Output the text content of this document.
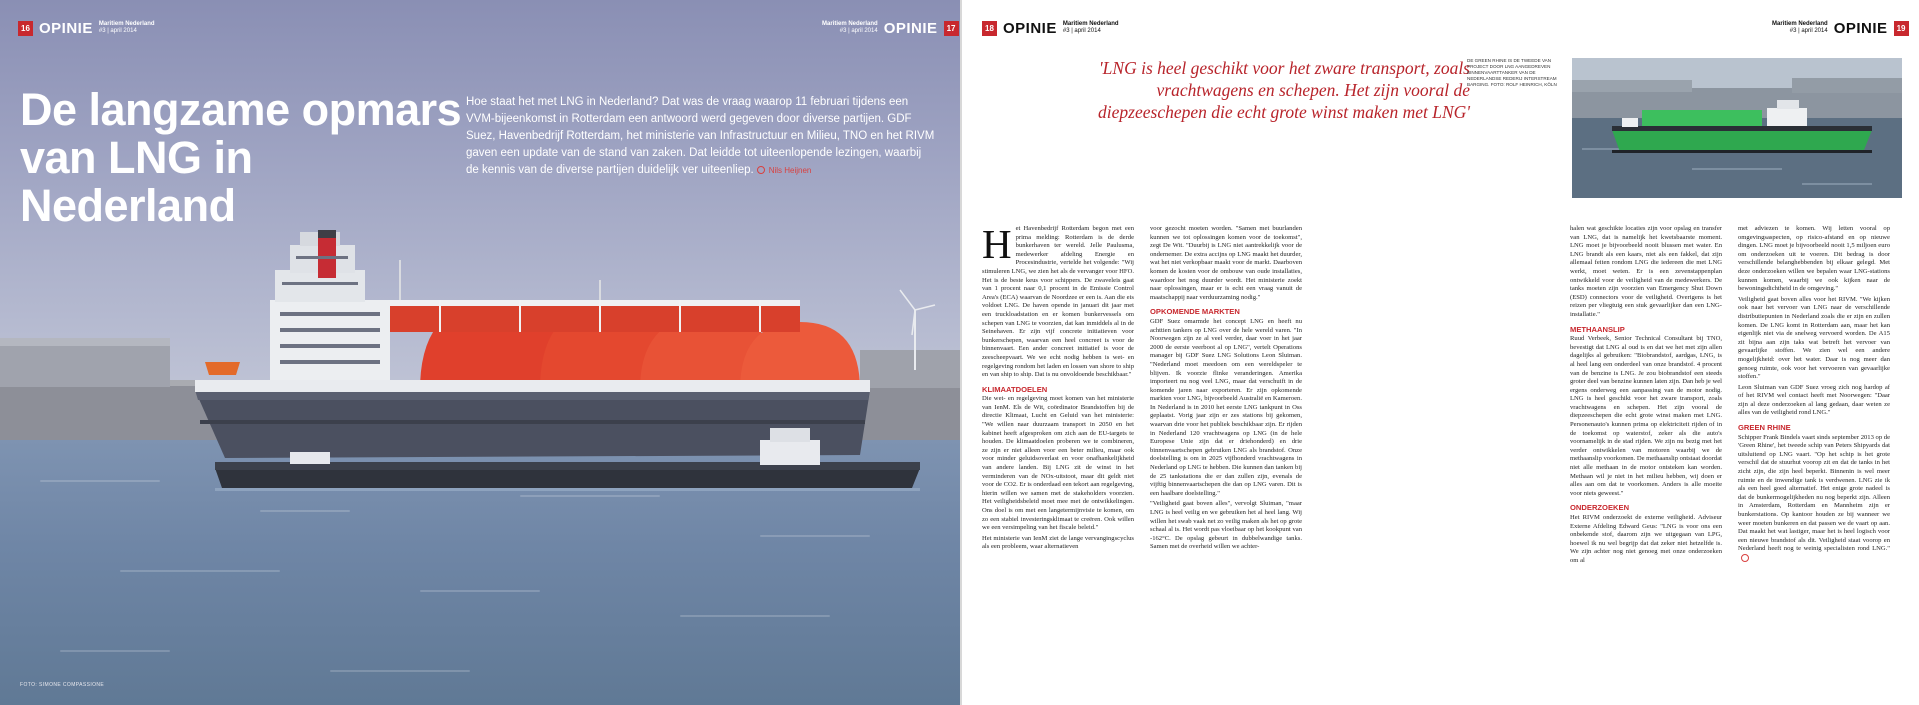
16 OPINIE Maritiem Nederland
#3 | april 2014
Maritiem Nederland
#3 | april 2014 OPINIE	17
De langzame opmars
van LNG in Nederland
Hoe staat het met LNG in Nederland? Dat was de vraag waarop 11 februari tijdens een VVM-bijeenkomst in Rotterdam een antwoord werd gegeven door diverse partijen. GDF Suez, Havenbedrijf Rotterdam, het ministerie van Infrastructuur en Milieu, TNO en het RIVM gaven een update van de stand van zaken. Dat leidde tot uiteenlopende lezingen, waarbij de kennis van de diverse partijen duidelijk ver uiteenliep. Nils Heijnen
FOTO: SIMONE COMPASSIONE
18 OPINIE Maritiem Nederland
#3 | april 2014
Maritiem Nederland
#3 | april 2014 OPINIE	19
'LNG is heel geschikt voor het zware transport, zoals vrachtwagens en schepen. Het zijn vooral de diepzeeschepen die echt grote winst maken met LNG'
DE GREEN RHINE IS DE TWEEDE VAN PROJECT DOOR LNG AANGEDREVEN BINNENVAARTTANKER VAN DE NEDERLANDSE REDERIJ INTERSTREAM BARGING. FOTO: ROLF HEINRICH, KÖLN

Het Havenbedrijf Rotterdam begon met een prima melding: Rotterdam is de derde bunkerhaven ter wereld. Jelle Paulusma, medewerker afdeling Energie en Procesindustrie, vertelde het volgende: "Wij stimuleren LNG, we zien het als de vervanger voor HFO. Het is de beste keus voor schippers. De zwaveleis gaat van 1 procent naar 0,1 procent in de Emissie Control Area's (ECA) waarvan de Noordzee er een is. Aan die eis voldoet LNG. De haven opende in januari dit jaar met een truckloadstation en er komen bunkervessels om schepen van LNG te voorzien, dat kan inmiddels al in de Seinehaven. Er zijn vijf concrete initiatieven voor bunkerschepen, waarvan een heel concreet is voor de binnenvaart. Een ander concreet initiatief is voor de zeescheepvaart. We we echt nodig hebben is wet- en regelgeving rondom het laden en lossen van shore to ship en van ship to ship. Dat is nu onvoldoende beschikbaar."

KLIMAATDOELEN

Die wet- en regelgeving moet komen van het ministerie van IenM. Els de Wit, coördinator Brandstoffen bij de directie Klimaat, Lucht en Geluid van het ministerie: "We willen naar duurzaam transport in 2050 en het kabinet heeft afgesproken om zich aan de EU-targets te houden. De klimaatdoelen proberen we te combineren, ze zijn er niet alleen voor een beter milieu, maar ook voor minder geluidsoverlast en voor onafhankelijkheid van andere landen. Bij LNG zit de winst in het verminderen van de NOx-uitstoot, maar dit geldt niet voor de CO2. Er is onderdaad een tekort aan regelgeving, hierin willen we samen met de stakeholders voorzien. Het veiligheidsbeleid moet mee met de ontwikkelingen. Ons doel is om met een langetermijnvisie te komen, om zo een stabiel investeringsklimaat te creëren. Ook willen we een versimpeling van het fiscale beleid."

Het ministerie van IenM ziet de lange vervangingscyclus als een probleem, waar alternatieven

voor gezocht moeten worden. "Samen met buurlanden kunnen we tot oplossingen komen voor de toekomst", zegt De Wit. "Duurbij is LNG niet aantrekkelijk voor de ondernemer. De extra accijns op LNG maakt het duurder, wat het niet verkopbaar maakt voor de markt. Daarboven komen de kosten voor de ombouw van oude installaties, waardoor het nog duurder wordt. Het ministerie zoekt naar oplossingen, maar er is echt een vraag vanuit de maatschappij naar verduurzaming nodig."

OPKOMENDE MARKTEN

GDF Suez omarmde het concept LNG en heeft nu achttien tankers op LNG over de hele wereld varen. "In Noorwegen zijn ze al veel verder, daar voer in het jaar 2000 de eerste veerboot al op LNG", vertelt Operations manager bij GDF Suez LNG Solutions Leon Sluiman. "Nederland moet meedoen om een wereldspeler te blijven. Ik voorzie flinke veranderingen. Amerika importeert nu nog veel LNG, maar dat verschuift in de komende jaren naar exporteren. Er zijn opkomende markten voor LNG, bijvoorbeeld Australië en Kameroen. In Nederland is in 2010 het eerste LNG tankpunt in Oss geplaatst. Vorig jaar zijn er zes stations bij gekomen, waarvan drie voor het publiek beschikbaar zijn. Er rijden in Nederland 120 vrachtwagens op LNG (in de hele Europese Unie zijn dat er driehonderd) en drie binnenvaartschepen gebruiken LNG als brandstof. Onze doelstelling is om in 2025 vijfhonderd vrachtwagens in Nederland op LNG te hebben. Die kunnen dan tanken bij de 25 tankstations die er dan zullen zijn, evenals de vijftig binnenvaartschepen die dan op LNG varen. Dit is een haalbare doelstelling."

"Veiligheid gaat boven alles", vervolgt Sluiman, "maar LNG is heel veilig en we gebruiken het al heel lang. Wij willen het swab vaak net zo veilig maken als het op grote schaal al is. Het wordt pas vloeibaar op het kookpunt van -162°C. De opslag gebeurt in dubbelwandige tanks. Samen met de overheid willen we achter-

halen wat geschikte locaties zijn voor opslag en transfer van LNG, dat is namelijk het kwetsbaarste moment. LNG moet je bijvoorbeeld nooit blussen met water. En LNG brandt als een kaars, niet als een fakkel, dat zijn allemaal feiten rondom LNG die iedereen die met LNG werkt, moet weten. Er is een zevenstappenplan ontwikkeld voor de veiligheid van de medewerkers. De tanks moeten zijn voorzien van Emergency Shut Down (ESD) connectors voor de veiligheid. Overigens is het reizen per vliegtuig een stuk gevaarlijker dan een LNG-installatie."

METHAANSLIP

Ruud Verbeek, Senior Technical Consultant bij TNO, bevestigt dat LNG al oud is en dat we het met zijn allen dagelijks al gebruiken: "Biobrandstof, aardgas, LNG, is al heel lang een onderdeel van onze brandstof. 4 procent van de benzine is LNG. Je zou biobrandstof een steeds groter deel van benzine kunnen laten zijn. Dan heb je wel ergens onderweg een aanpassing van de motor nodig. LNG is heel geschikt voor het zware transport, zoals vrachtwagens en schepen. Het zijn vooral de diepzeeschepen die echt grote winst maken met LNG. Personenauto's kunnen prima op elektriciteit rijden of in de toekomst op waterstof, zeker als die auto's voornamelijk in de stad rijden. We zijn nu bezig met het verder ontwikkelen van motoren waarbij we de methaanslip voorkomen. De methaanslip ontstaat doordat niet alle methaan in de motor ontsteken kan worden. Methaan wil je niet in het milieu hebben, wij doen er alles aan om dat te voorkomen. Anders is alle moeite voor niets geweest."

ONDERZOEKEN

Het RIVM onderzoekt de externe veiligheid. Adviseur Externe Afdeling Edward Geus: "LNG is voor ons een onbekende stof, daarom zijn we uitgegaan van LPG, hoewel ik nu wel begrijp dat dat zeker niet hetzelfde is. We zijn achter nog niet genoeg met onze onderzoeken om al

met adviezen te komen. Wij letten vooral op omgevingsaspecten, op risico-afstand en op nieuwe dingen. LNG moet je bijvoorbeeld nooit 1,5 miljoen euro om onderzoeken uit te voeren. Dit bedrag is door verschillende belanghebbenden bij elkaar gelegd. Met deze onderzoeken willen we bepalen waar LNG-stations kunnen komen, waarbij we ook kijken naar de bewoningsdichtheid in de omgeving."

Veiligheid gaat boven alles voor het RIVM. "We kijken ook naar het vervoer van LNG naar de verschillende distributiepunten in Nederland zoals die er zijn en zullen komen. De LNG komt in Rotterdam aan, maar het kan eigenlijk niet via de snelweg vervoerd worden. De A15 zit bijna aan zijn taks wat betreft het vervoer van gevaarlijke stoffen. We zien wel een andere mogelijkheid: over het water. Daar is nog meer dan genoeg ruimte, ook voor het vervoeren van gevaarlijke stoffen."

Leon Sluiman van GDF Suez vroeg zich nog hardop af of het RIVM wel contact heeft met Noorwegen: "Daar zijn al deze onderzoeken al lang gedaan, daar weten ze alles van de veiligheid rond LNG."

GREEN RHINE

Schipper Frank Bindels vaart sinds september 2013 op de 'Green Rhine', het tweede schip van Peters Shipyards dat uitsluitend op LNG vaart. "Op het schip is het grote verschil dat de stuurhut voorop zit en dat de tanks in het zicht zijn, die zijn heel beperkt. Binnenin is wel meer ruimte en de inwendige tank is verdwenen. LNG zie ik als een heel goed alternatief. Het enige grote nadeel is dat de bunkermogelijkheden nu nog beperkt zijn. Alleen in Amsterdam, Rotterdam en Mannheim zijn er bunkerstations. Op kantoor houden ze bij wanneer we weer moeten bunkeren en dat passen we de vaart op aan. Dat maakt het wat lastiger, maar het is heel logisch voor een nieuwe brandstof als dit. Veiligheid staat voorop en Nederland heeft nog te weinig specialisten rond LNG."
